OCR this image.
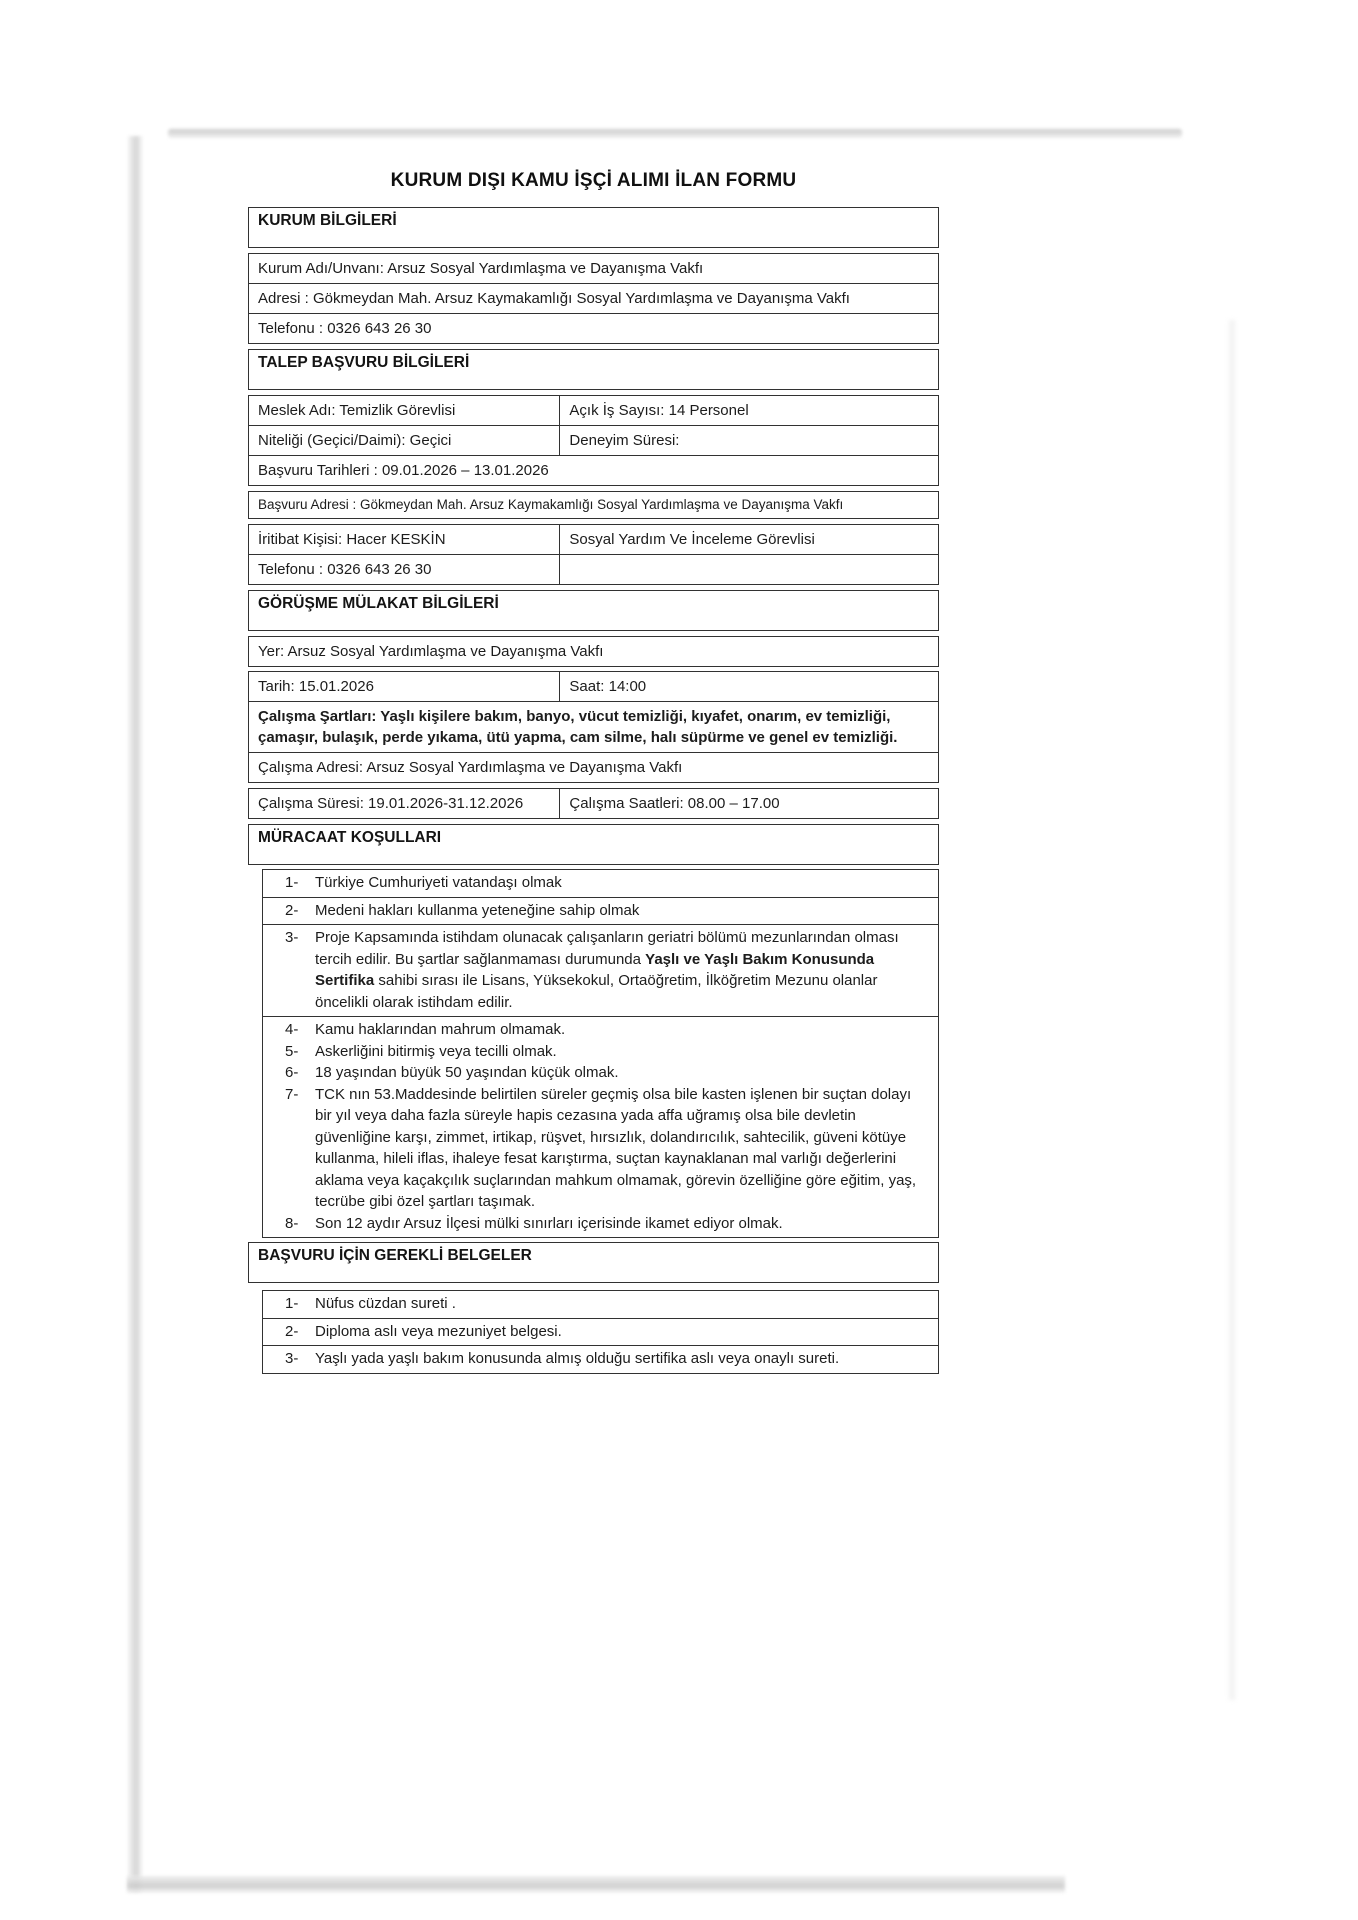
KURUM DIŞI KAMU İŞÇİ ALIMI İLAN FORMU
KURUM BİLGİLERİ
Kurum Adı/Unvanı: Arsuz Sosyal Yardımlaşma ve Dayanışma Vakfı
Adresi : Gökmeydan Mah. Arsuz Kaymakamlığı Sosyal Yardımlaşma ve Dayanışma Vakfı
Telefonu : 0326 643 26 30
TALEP BAŞVURU BİLGİLERİ
Meslek Adı: Temizlik Görevlisi	Açık İş Sayısı: 14 Personel
Niteliği (Geçici/Daimi): Geçici	Deneyim Süresi:
Başvuru Tarihleri : 09.01.2026 – 13.01.2026
Başvuru Adresi : Gökmeydan Mah. Arsuz Kaymakamlığı Sosyal Yardımlaşma ve Dayanışma Vakfı
İritibat Kişisi: Hacer KESKİN	Sosyal Yardım Ve İnceleme Görevlisi
Telefonu : 0326 643 26 30
GÖRÜŞME MÜLAKAT BİLGİLERİ
Yer: Arsuz Sosyal Yardımlaşma ve Dayanışma Vakfı
Tarih: 15.01.2026	Saat: 14:00
Çalışma Şartları: Yaşlı kişilere bakım, banyo, vücut temizliği, kıyafet, onarım, ev temizliği, çamaşır, bulaşık, perde yıkama, ütü yapma, cam silme, halı süpürme ve genel ev temizliği.
Çalışma Adresi: Arsuz Sosyal Yardımlaşma ve Dayanışma Vakfı
Çalışma Süresi: 19.01.2026-31.12.2026	Çalışma Saatleri: 08.00 – 17.00
MÜRACAAT KOŞULLARI
1-	Türkiye Cumhuriyeti vatandaşı olmak
2-	Medeni hakları kullanma yeteneğine sahip olmak
3-	Proje Kapsamında istihdam olunacak çalışanların geriatri bölümü mezunlarından olması tercih edilir. Bu şartlar sağlanmaması durumunda Yaşlı ve Yaşlı Bakım Konusunda Sertifika sahibi sırası ile Lisans, Yüksekokul, Ortaöğretim, İlköğretim Mezunu olanlar öncelikli olarak istihdam edilir.
4-	Kamu haklarından mahrum olmamak.
5-	Askerliğini bitirmiş veya tecilli olmak.
6-	18 yaşından büyük 50 yaşından küçük olmak.
7-	TCK nın 53.Maddesinde belirtilen süreler geçmiş olsa bile kasten işlenen bir suçtan dolayı bir yıl veya daha fazla süreyle hapis cezasına yada affa uğramış olsa bile devletin güvenliğine karşı, zimmet, irtikap, rüşvet, hırsızlık, dolandırıcılık, sahtecilik, güveni kötüye kullanma, hileli iflas, ihaleye fesat karıştırma, suçtan kaynaklanan mal varlığı değerlerini aklama veya kaçakçılık suçlarından mahkum olmamak, görevin özelliğine göre eğitim, yaş, tecrübe gibi özel şartları taşımak.
8-	Son 12 aydır Arsuz İlçesi mülki sınırları içerisinde ikamet ediyor olmak.
BAŞVURU İÇİN GEREKLİ BELGELER
1-	Nüfus cüzdan sureti .
2-	Diploma aslı veya mezuniyet belgesi.
3-	Yaşlı yada yaşlı bakım konusunda almış olduğu sertifika aslı veya onaylı sureti.
